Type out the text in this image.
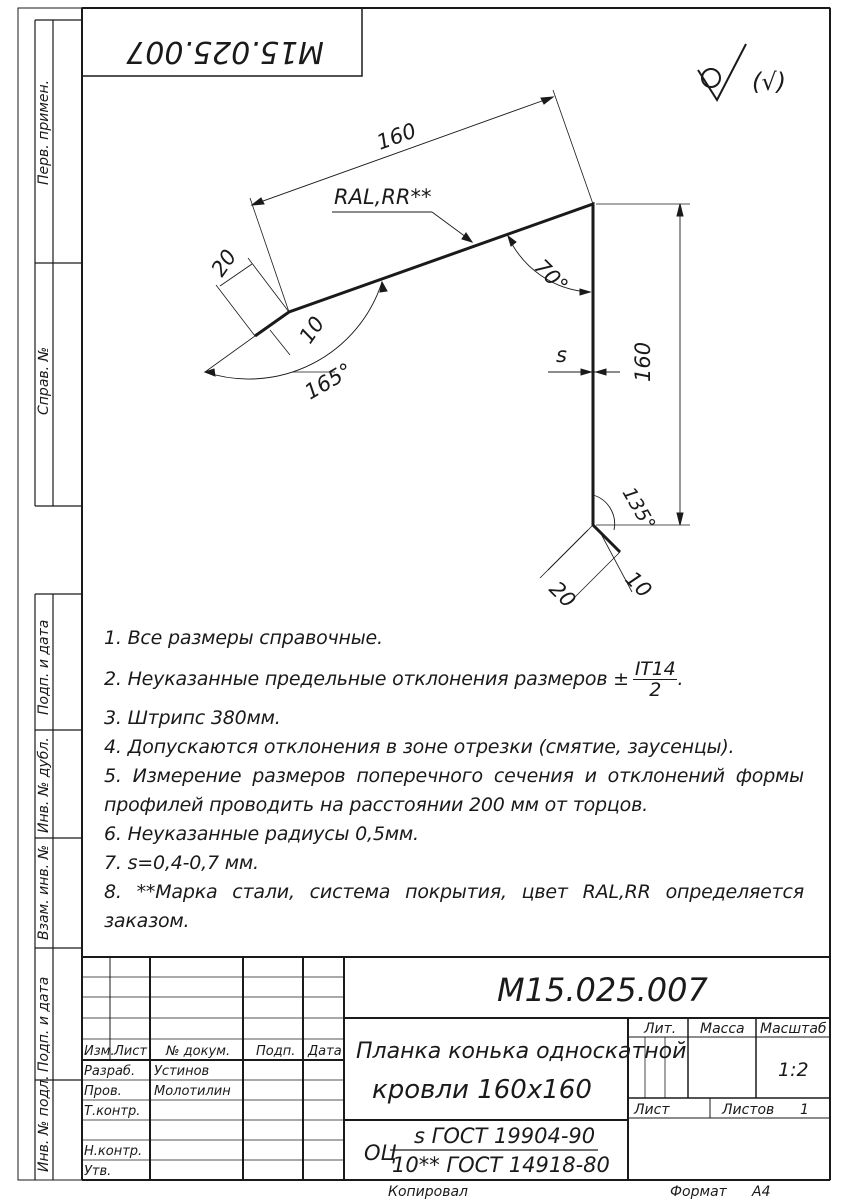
Перв. примен.
Справ. №
Подп. и дата
Инв. № дубл.
Взам. инв. №
Подп. и дата
Инв. № подл.
M15.025.007
(√)
160
RAL,RR**
20
10
165°
70°
s	160
135°
20 10
M15.025.007
Изм. Лист № докум. Подп. Дата
Разраб. Устинов
Пров. Молотилин
Т.контр.
Н.контр.
Утв.
Планка конька односкатной
кровли 160х160
ОЦ
s ГОСТ 19904-90
10** ГОСТ 14918-80
Лит. Масса Масштаб
1:2
Лист	Листов 1
Копировал	Формат А4

1. Все размеры справочные.

2. Неуказанные предельные отклонения размеров ± $\frac{IT14}{2}$ .

3. Штрипс 380мм.

4. Допускаются отклонения в зоне отрезки (смятие, заусенцы).

5. Измерение размеров поперечного сечения и отклонений формы

профилей проводить на расстоянии 200 мм от торцов.

6. Неуказанные радиусы 0,5мм.

7. s=0,4-0,7 мм.

8. **Марка стали, система покрытия, цвет RAL,RR определяется

заказом.
